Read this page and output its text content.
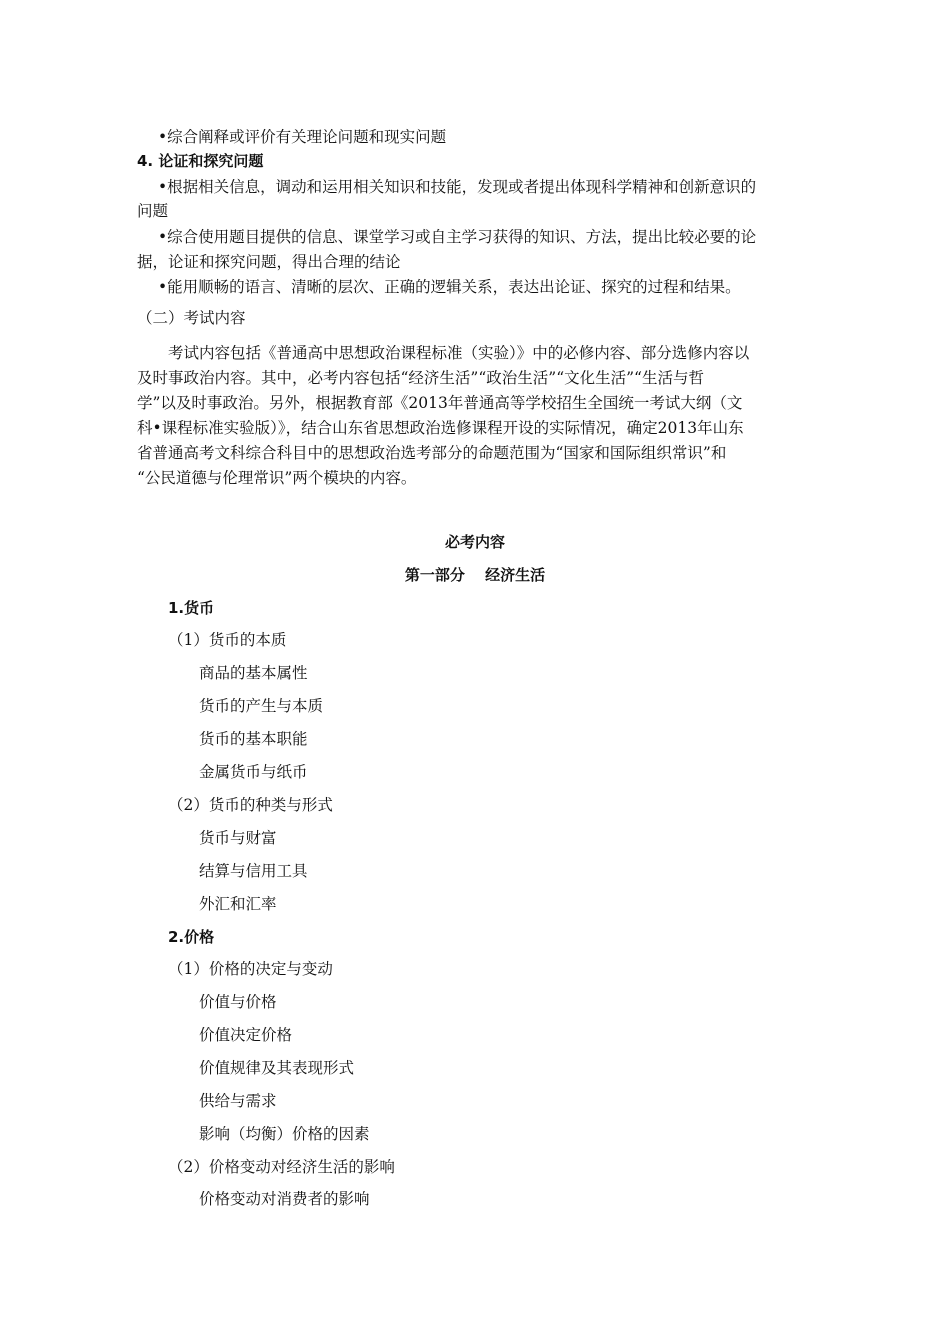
•综合阐释或评价有关理论问题和现实问题
4. 论证和探究问题
•根据相关信息，调动和运用相关知识和技能，发现或者提出体现科学精神和创新意识的
问题
•综合使用题目提供的信息、课堂学习或自主学习获得的知识、方法，提出比较必要的论
据，论证和探究问题，得出合理的结论
•能用顺畅的语言、清晰的层次、正确的逻辑关系，表达出论证、探究的过程和结果。
（二）考试内容
考试内容包括《普通高中思想政治课程标准（实验）》中的必修内容、部分选修内容以
及时事政治内容。其中，必考内容包括“经济生活”“政治生活”“文化生活”“生活与哲
学”以及时事政治。另外，根据教育部《2013年普通高等学校招生全国统一考试大纲（文
科•课程标准实验版）》，结合山东省思想政治选修课程开设的实际情况，确定2013年山东
省普通高考文科综合科目中的思想政治选考部分的命题范围为“国家和国际组织常识”和
“公民道德与伦理常识”两个模块的内容。
必考内容
第一部分　 经济生活
1.货币
（1）货币的本质
商品的基本属性
货币的产生与本质
货币的基本职能
金属货币与纸币
（2）货币的种类与形式
货币与财富
结算与信用工具
外汇和汇率
2.价格
（1）价格的决定与变动
价值与价格
价值决定价格
价值规律及其表现形式
供给与需求
影响（均衡）价格的因素
（2）价格变动对经济生活的影响
价格变动对消费者的影响
